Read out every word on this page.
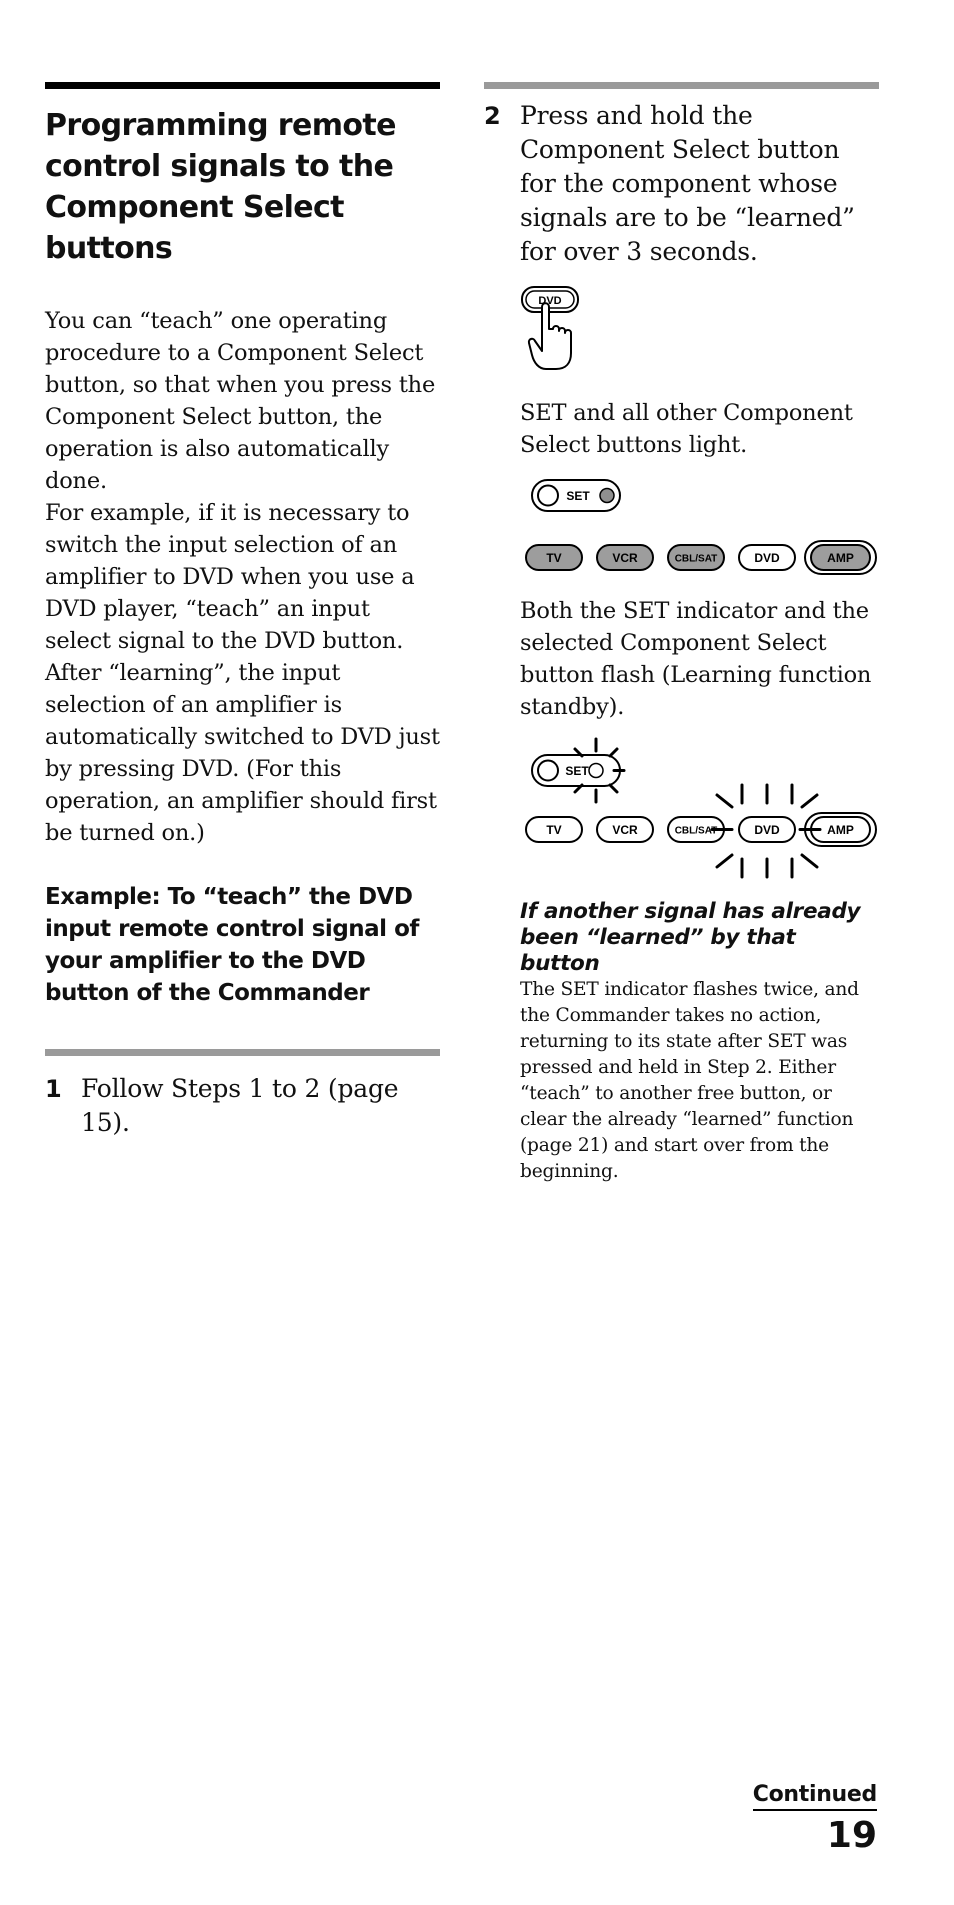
Programming remote control signals to the Component Select buttons

You can “teach” one operating procedure to a Component Select button, so that when you press the Component Select button, the operation is also automatically done.

For example, if it is necessary to switch the input selection of an amplifier to DVD when you use a DVD player, “teach” an input select signal to the DVD button. After “learning”, the input selection of an amplifier is automatically switched to DVD just by pressing DVD. (For this operation, an amplifier should first be turned on.)

Example: To “teach” the DVD input remote control signal of your amplifier to the DVD button of the Commander
1 Follow Steps 1 to 2 (page 15).
2 Press and hold the Component Select button for the component whose signals are to be “learned” for over 3 seconds.
DVD

SET and all other Component Select buttons light.

SET
TV	VCR	CBL/SAT	DVD	AMP

Both the SET indicator and the selected Component Select button flash (Learning function standby).

SET
TV	VCR	CBL/SAT	DVD	AMP
If another signal has already been “learned” by that button
The SET indicator flashes twice, and the Commander takes no action, returning to its state after SET was pressed and held in Step 2. Either “teach” to another free button, or clear the already “learned” function (page 21) and start over from the beginning.
Continued
19
